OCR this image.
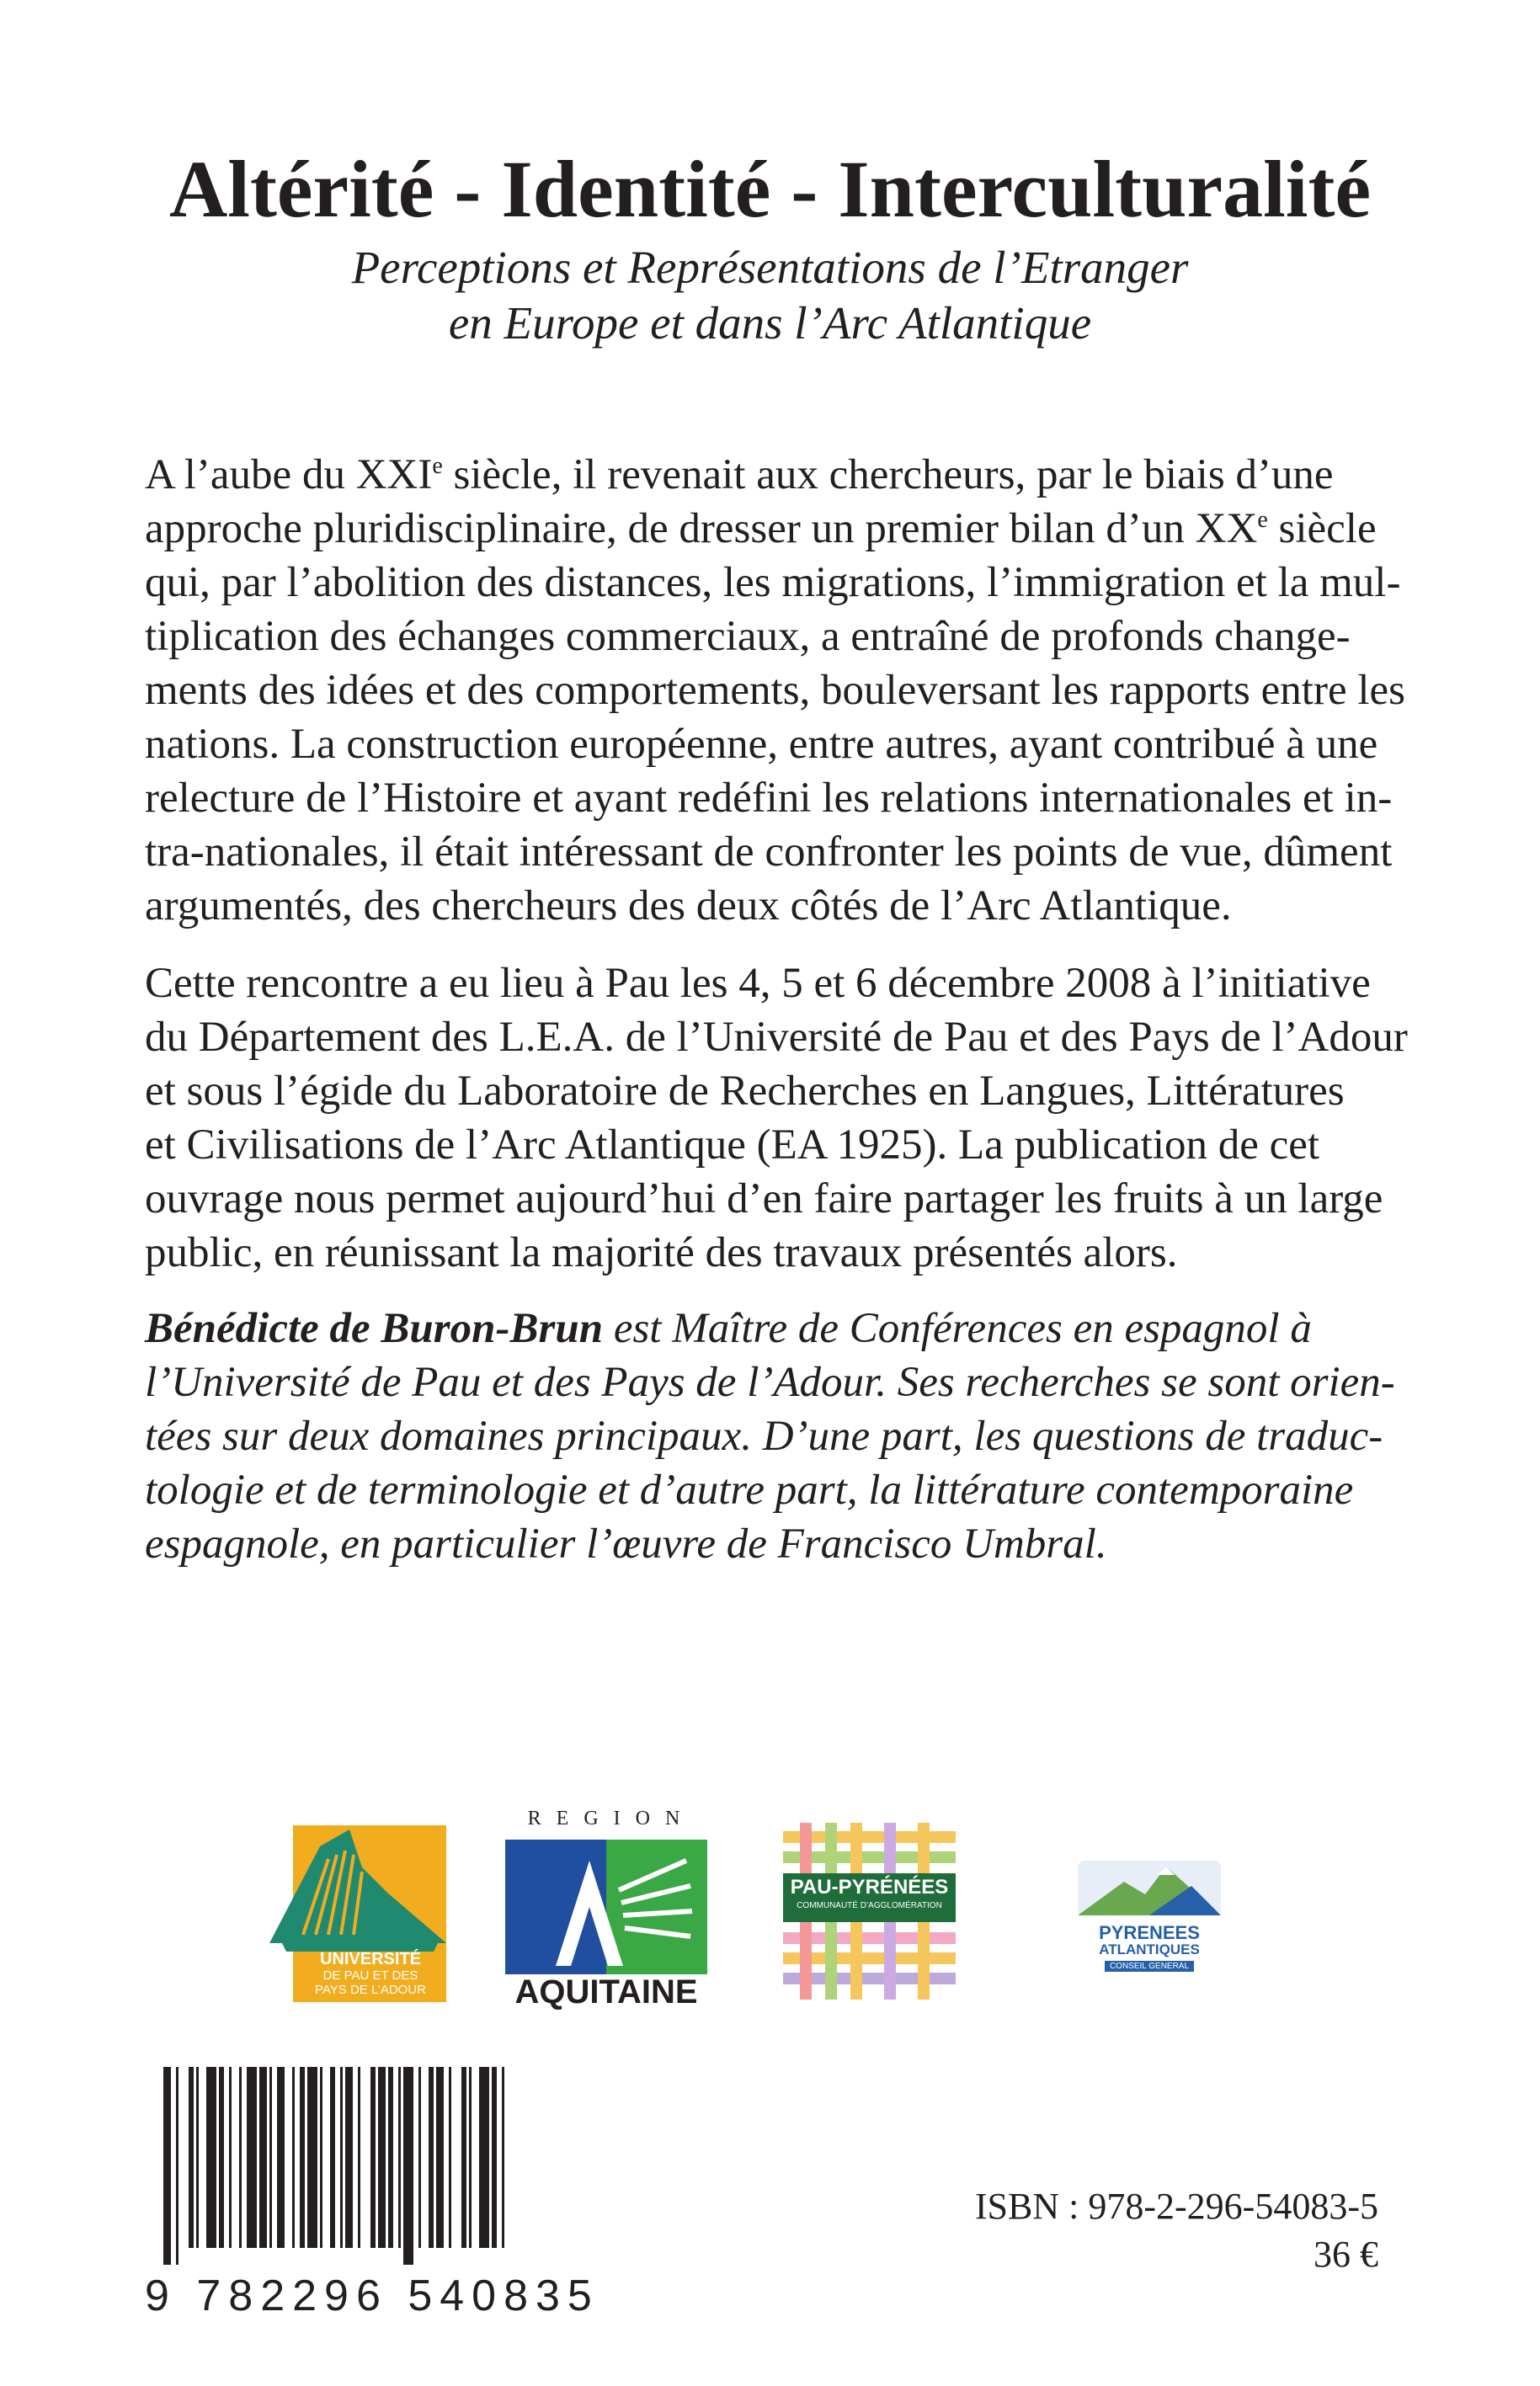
Altérité - Identité - Interculturalité
Perceptions et Représentations de l’Etranger
en Europe et dans l’Arc Atlantique
A l’aube du XXIe siècle, il revenait aux chercheurs, par le biais d’une
approche pluridisciplinaire, de dresser un premier bilan d’un XXe siècle
qui, par l’abolition des distances, les migrations, l’immigration et la mul-
tiplication des échanges commerciaux, a entraîné de profonds change-
ments des idées et des comportements, bouleversant les rapports entre les
nations. La construction européenne, entre autres, ayant contribué à une
relecture de l’Histoire et ayant redéfini les relations internationales et in-
tra-nationales, il était intéressant de confronter les points de vue, dûment
argumentés, des chercheurs des deux côtés de l’Arc Atlantique.
Cette rencontre a eu lieu à Pau les 4, 5 et 6 décembre 2008 à l’initiative
du Département des L.E.A. de l’Université de Pau et des Pays de l’Adour
et sous l’égide du Laboratoire de Recherches en Langues, Littératures
et Civilisations de l’Arc Atlantique (EA 1925). La publication de cet
ouvrage nous permet aujourd’hui d’en faire partager les fruits à un large
public, en réunissant la majorité des travaux présentés alors.
Bénédicte de Buron-Brun est Maître de Conférences en espagnol à
l’Université de Pau et des Pays de l’Adour. Ses recherches se sont orien-
tées sur deux domaines principaux. D’une part, les questions de traduc-
tologie et de terminologie et d’autre part, la littérature contemporaine
espagnole, en particulier l’œuvre de Francisco Umbral.
UNIVERSITÉ
DE PAU ET DES
PAYS DE L’ADOUR
R E G I O N
AQUITAINE
PAU-PYRÉNÉES
COMMUNAUTÉ D’AGGLOMÉRATION
PYRENEES
ATLANTIQUES
CONSEIL GENERAL
9 782296 540835
ISBN : 978-2-296-54083-5
36 €
